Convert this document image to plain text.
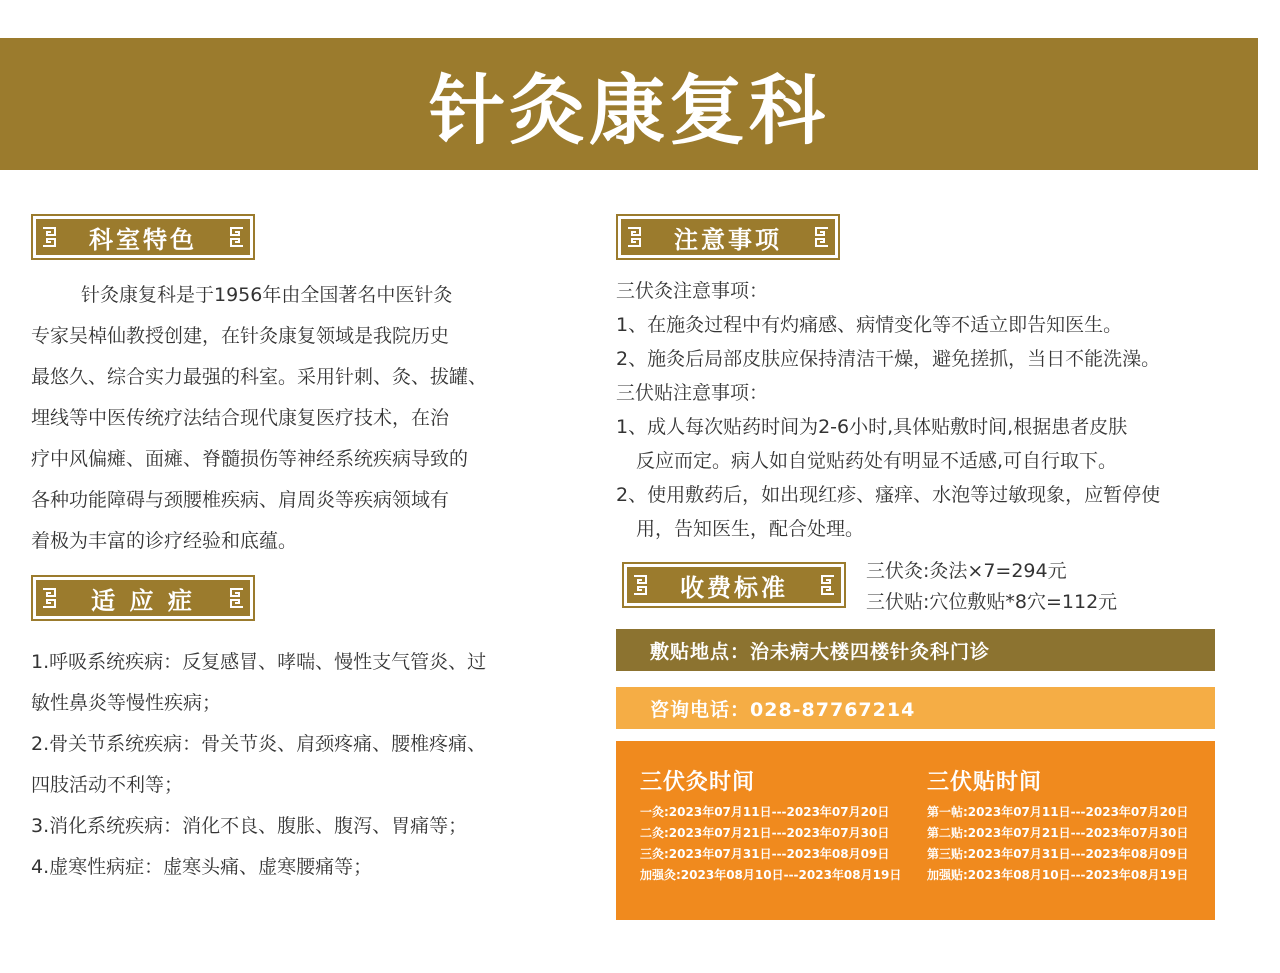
针灸康复科
科室特色

针灸康复科是于1956年由全国著名中医针灸

专家吴棹仙教授创建，在针灸康复领域是我院历史

最悠久、综合实力最强的科室。采用针刺、灸、拔罐、

埋线等中医传统疗法结合现代康复医疗技术，在治

疗中风偏瘫、面瘫、脊髓损伤等神经系统疾病导致的

各种功能障碍与颈腰椎疾病、肩周炎等疾病领域有

着极为丰富的诊疗经验和底蕴。

适 应 症

1.呼吸系统疾病：反复感冒、哮喘、慢性支气管炎、过

敏性鼻炎等慢性疾病；

2.骨关节系统疾病：骨关节炎、肩颈疼痛、腰椎疼痛、

四肢活动不利等；

3.消化系统疾病：消化不良、腹胀、腹泻、胃痛等；

4.虚寒性病症：虚寒头痛、虚寒腰痛等；

注意事项

三伏灸注意事项：

1、在施灸过程中有灼痛感、病情变化等不适立即告知医生。

2、施灸后局部皮肤应保持清洁干燥，避免搓抓，当日不能洗澡。

三伏贴注意事项：

1、成人每次贴药时间为2-6小时,具体贴敷时间,根据患者皮肤

反应而定。病人如自觉贴药处有明显不适感,可自行取下。

2、使用敷药后，如出现红疹、瘙痒、水泡等过敏现象，应暂停使

用，告知医生，配合处理。

收费标准

三伏灸:灸法×7=294元

三伏贴:穴位敷贴*8穴=112元

敷贴地点：治未病大楼四楼针灸科门诊
咨询电话：028-87767214
三伏灸时间
一灸:2023年07月11日---2023年07月20日
二灸:2023年07月21日---2023年07月30日
三灸:2023年07月31日---2023年08月09日
加强灸:2023年08月10日---2023年08月19日
三伏贴时间
第一帖:2023年07月11日---2023年07月20日
第二贴:2023年07月21日---2023年07月30日
第三贴:2023年07月31日---2023年08月09日
加强贴:2023年08月10日---2023年08月19日
